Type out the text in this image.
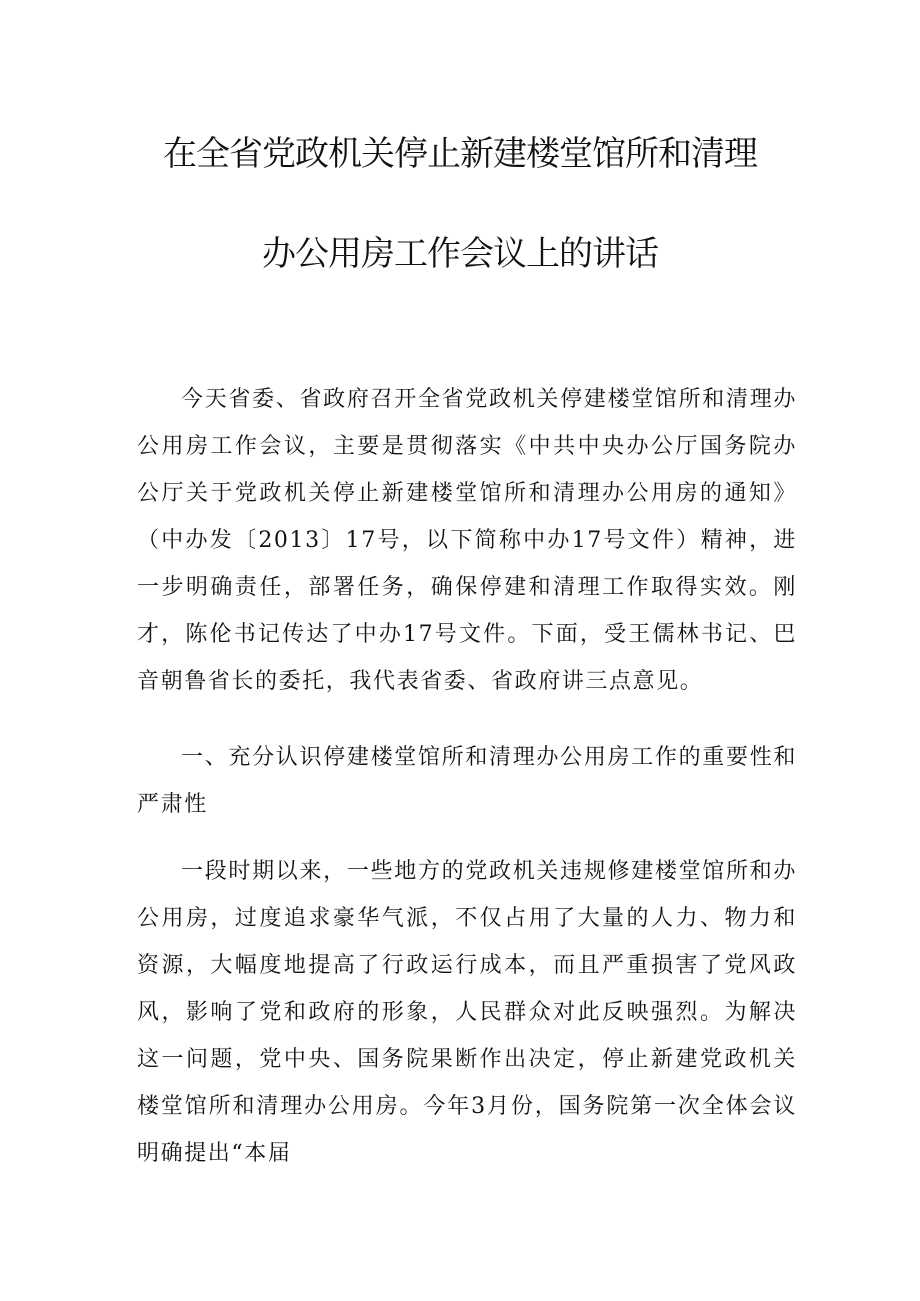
在全省党政机关停止新建楼堂馆所和清理
办公用房工作会议上的讲话

今天省委、省政府召开全省党政机关停建楼堂馆所和清理办公用房工作会议，主要是贯彻落实《中共中央办公厅国务院办公厅关于党政机关停止新建楼堂馆所和清理办公用房的通知》（中办发〔2013〕17号，以下简称中办17号文件）精神，进一步明确责任，部署任务，确保停建和清理工作取得实效。刚才，陈伦书记传达了中办17号文件。下面，受王儒林书记、巴音朝鲁省长的委托，我代表省委、省政府讲三点意见。

一、充分认识停建楼堂馆所和清理办公用房工作的重要性和严肃性

一段时期以来，一些地方的党政机关违规修建楼堂馆所和办公用房，过度追求豪华气派，不仅占用了大量的人力、物力和资源，大幅度地提高了行政运行成本，而且严重损害了党风政风，影响了党和政府的形象，人民群众对此反映强烈。为解决这一问题，党中央、国务院果断作出决定，停止新建党政机关楼堂馆所和清理办公用房。今年3月份，国务院第一次全体会议明确提出“本届
